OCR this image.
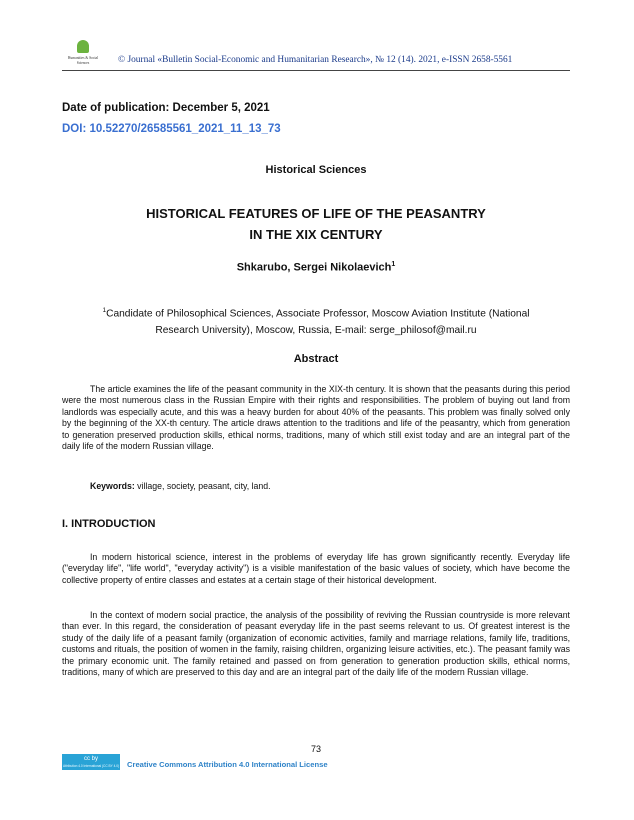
Humanities & Social
Sciences	© Journal «Bulletin Social-Economic and Humanitarian Research», № 12 (14). 2021, e-ISSN 2658-5561
Date of publication: December 5, 2021
DOI: 10.52270/26585561_2021_11_13_73
Historical Sciences
HISTORICAL FEATURES OF LIFE OF THE PEASANTRY
IN THE XIX CENTURY
Shkarubo, Sergei Nikolaevich$^1$
$^1$Candidate of Philosophical Sciences, Associate Professor, Moscow Aviation Institute (National
Research University), Moscow, Russia, E-mail: serge_philosof@mail.ru
Abstract

The article examines the life of the peasant community in the XIX-th century. It is shown that the peasants during this period were the most numerous class in the Russian Empire with their rights and responsibilities. The problem of buying out land from landlords was especially acute, and this was a heavy burden for about 40% of the peasants. This problem was finally solved only by the beginning of the XX-th century. The article draws attention to the traditions and life of the peasantry, which from generation to generation preserved production skills, ethical norms, traditions, many of which still exist today and are an integral part of the daily life of the modern Russian village.

Keywords: village, society, peasant, city, land.
I. INTRODUCTION

In modern historical science, interest in the problems of everyday life has grown significantly recently. Everyday life ("everyday life", "life world", "everyday activity") is a visible manifestation of the basic values of society, which have become the collective property of entire classes and estates at a certain stage of their historical development.

In the context of modern social practice, the analysis of the possibility of reviving the Russian countryside is more relevant than ever. In this regard, the consideration of peasant everyday life in the past seems relevant to us. Of greatest interest is the study of the daily life of a peasant family (organization of economic activities, family and marriage relations, family life, traditions, customs and rituals, the position of women in the family, raising children, organizing leisure activities, etc.). The peasant family was the primary economic unit. The family retained and passed on from generation to generation production skills, ethical norms, traditions, many of which are preserved to this day and are an integral part of the daily life of the modern Russian village.

73
cc by
Attribution 4.0 International (CC BY 4.0) Creative Commons Attribution 4.0 International License
